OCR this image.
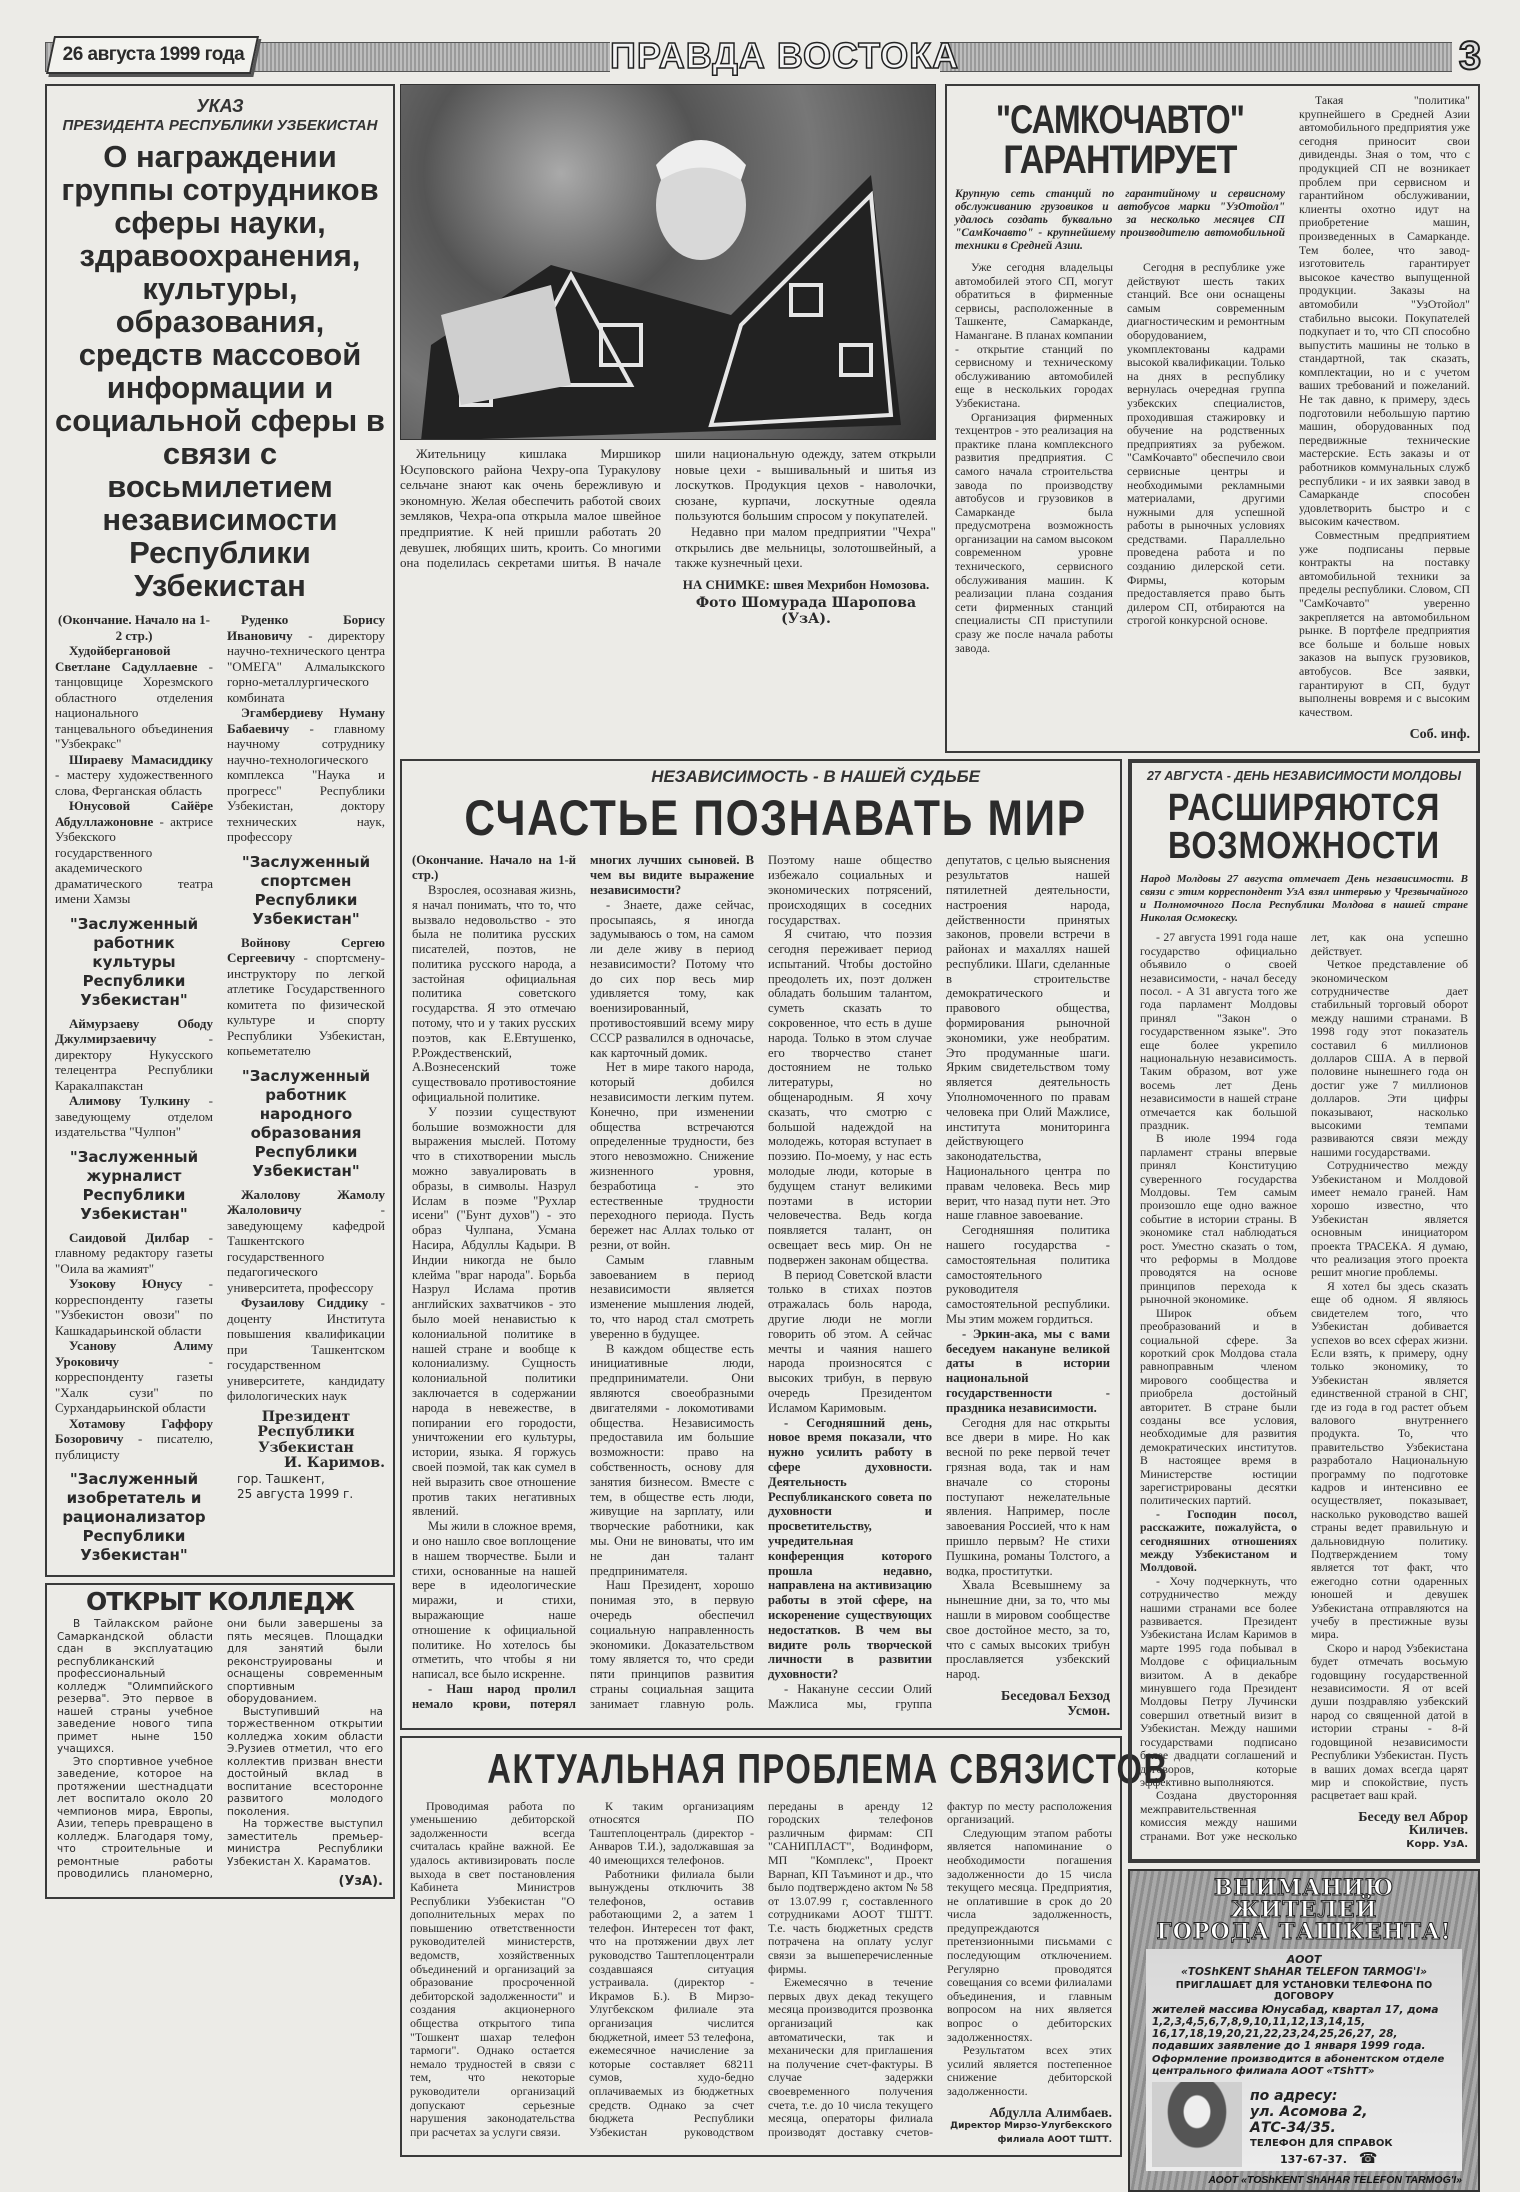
26 августа 1999 года	ПРАВДА ВОСТОКА	3
УКАЗ
ПРЕЗИДЕНТА РЕСПУБЛИКИ УЗБЕКИСТАН
О награждении группы сотрудников сферы науки, здравоохранения, культуры, образования, средств массовой информации и социальной сферы в связи с восьмилетием независимости Республики Узбекистан
(Окончание. Начало на 1-2 стр.)
Худойбергановой Светлане Садуллаевне - танцовщице Хорезмского областного отделения национального танцевального объединения "Узбекракс"
Шираеву Мамасиддику - мастеру художественного слова, Ферганская область
Юнусовой Сайёре Абдуллажоновне - актрисе Узбекского государственного академического драматического театра имени Хамзы
"Заслуженный работник культуры Республики Узбекистан"
Аймурзаеву Ободу Джулмирзаевичу - директору Нукусского телецентра Республики Каракалпакстан
Алимову Тулкину - заведующему отделом издательства "Чулпон"
"Заслуженный журналист Республики Узбекистан"
Саидовой Дилбар - главному редактору газеты "Оила ва жамият"
Узокову Юнусу - корреспонденту газеты "Узбекистон овози" по Кашкадарьинской области
Усанову Алиму Уроковичу - корреспонденту газеты "Халк сузи" по Сурхандарьинской области
Хотамову Гаффору Бозоровичу - писателю, публицисту
"Заслуженный изобретатель и рационализатор Республики Узбекистан"
Руденко Борису Ивановичу - директору научно-технического центра "ОМЕГА" Алмалыкского горно-металлургического комбината
Эгамбердиеву Нуману Бабаевичу - главному научному сотруднику научно-технологического комплекса "Наука и прогресс" Республики Узбекистан, доктору технических наук, профессору
"Заслуженный спортсмен Республики Узбекистан"
Войнову Сергею Сергеевичу - спортсмену-инструктору по легкой атлетике Государственного комитета по физической культуре и спорту Республики Узбекистан, копьеметателю
"Заслуженный работник народного образования Республики Узбекистан"
Жалолову Жамолу Жалоловичу - заведующему кафедрой Ташкентского государственного педагогического университета, профессору
Фузаилову Сиддику - доценту Института повышения квалификации при Ташкентском государственном университете, кандидату филологических наук
Президент Республики Узбекистан
И. Каримов.
гор. Ташкент,
25 августа 1999 г.
ОТКРЫТ КОЛЛЕДЖ

В Тайлакском районе Самаркандской области сдан в эксплуатацию республиканский профессиональный колледж "Олимпийского резерва". Это первое в нашей страны учебное заведение нового типа примет ныне 150 учащихся.

Это спортивное учебное заведение, которое на протяжении шестнадцати лет воспитало около 20 чемпионов мира, Европы, Азии, теперь превращено в колледж. Благодаря тому, что строительные и ремонтные работы проводились планомерно, они были завершены за пять месяцев. Площадки для занятий были реконструированы и оснащены современным спортивным оборудованием.

Выступивший на торжественном открытии колледжа хоким области Э.Рузиев отметил, что его коллектив призван внести достойный вклад в воспитание всесторонне развитого молодого поколения.

На торжестве выступил заместитель премьер-министра Республики Узбекистан Х. Караматов.

(УзА).

Жительницу кишлака Миршикор Юсуповского района Чехру-опа Туракулову сельчане знают как очень бережливую и экономную. Желая обеспечить работой своих земляков, Чехра-опа открыла малое швейное предприятие. К ней пришли работать 20 девушек, любящих шить, кроить. Со многими она поделилась секретами шитья. В начале шили национальную одежду, затем открыли новые цехи - вышивальный и шитья из лоскутков. Продукция цехов - наволочки, сюзане, курпачи, лоскутные одеяла пользуются большим спросом у покупателей.

Недавно при малом предприятии "Чехра" открылись две мельницы, золотошвейный, а также кузнечный цехи.

НА СНИМКЕ: швея Мехрибон Номозова.
Фото Шомурада Шаропова (УзА).
"САМКОЧАВТО"
ГАРАНТИРУЕТ
Крупную сеть станций по гарантийному и сервисному обслуживанию грузовиков и автобусов марки "УзОтойол" удалось создать буквально за несколько месяцев СП "СамКочавто" - крупнейшему производителю автомобильной техники в Средней Азии.

Уже сегодня владельцы автомобилей этого СП, могут обратиться в фирменные сервисы, расположенные в Ташкенте, Самарканде, Намангане. В планах компании - открытие станций по сервисному и техническому обслуживанию автомобилей еще в нескольких городах Узбекистана.

Организация фирменных техцентров - это реализация на практике плана комплексного развития предприятия. С самого начала строительства завода по производству автобусов и грузовиков в Самарканде была предусмотрена возможность организации на самом высоком современном уровне технического, сервисного обслуживания машин. К реализации плана создания сети фирменных станций специалисты СП приступили сразу же после начала работы завода.

Сегодня в республике уже действуют шесть таких станций. Все они оснащены самым современным диагностическим и ремонтным оборудованием, укомплектованы кадрами высокой квалификации. Только на днях в республику вернулась очередная группа узбекских специалистов, проходившая стажировку и обучение на родственных предприятиях за рубежом. "СамКочавто" обеспечило свои сервисные центры и необходимыми рекламными материалами, другими нужными для успешной работы в рыночных условиях средствами. Параллельно проведена работа и по созданию дилерской сети. Фирмы, которым предоставляется право быть дилером СП, отбираются на строгой конкурсной основе.

Такая "политика" крупнейшего в Средней Азии автомобильного предприятия уже сегодня приносит свои дивиденды. Зная о том, что с продукцией СП не возникает проблем при сервисном и гарантийном обслуживании, клиенты охотно идут на приобретение машин, произведенных в Самарканде. Тем более, что завод-изготовитель гарантирует высокое качество выпущенной продукции. Заказы на автомобили "УзОтойол" стабильно высоки. Покупателей подкупает и то, что СП способно выпустить машины не только в стандартной, так сказать, комплектации, но и с учетом ваших требований и пожеланий. Не так давно, к примеру, здесь подготовили небольшую партию машин, оборудованных под передвижные технические мастерские. Есть заказы и от работников коммунальных служб республики - и их заявки завод в Самарканде способен удовлетворить быстро и с высоким качеством.

Совместным предприятием уже подписаны первые контракты на поставку автомобильной техники за пределы республики. Словом, СП "СамКочавто" уверенно закрепляется на автомобильном рынке. В портфеле предприятия все больше и больше новых заказов на выпуск грузовиков, автобусов. Все заявки, гарантируют в СП, будут выполнены вовремя и с высоким качеством.

Соб. инф.
НЕЗАВИСИМОСТЬ - В НАШЕЙ СУДЬБЕ
СЧАСТЬЕ ПОЗНАВАТЬ МИР
(Окончание. Начало на 1-й стр.)

Взрослея, осознавая жизнь, я начал понимать, что то, что вызвало недовольство - это была не политика русских писателей, поэтов, не политика русского народа, а застойная официальная политика советского государства. Я это отмечаю потому, что и у таких русских поэтов, как Е.Евтушенко, Р.Рождественский, А.Вознесенский тоже существовало противостояние официальной политике.

У поэзии существуют большие возможности для выражения мыслей. Потому что в стихотворении мысль можно завуалировать в образы, в символы. Назрул Ислам в поэме "Рухлар исени" ("Бунт духов") - это образ Чулпана, Усмана Насира, Абдуллы Кадыри. В Индии никогда не было клейма "враг народа". Борьба Назрул Ислама против английских захватчиков - это было моей ненавистью к колониальной политике в нашей стране и вообще к колониализму. Сущность колониальной политики заключается в содержании народа в невежестве, в попирании его городости, уничтожении его культуры, истории, языка. Я горжусь своей поэмой, так как сумел в ней выразить свое отношение против таких негативных явлений.

Мы жили в сложное время, и оно нашло свое воплощение в нашем творчестве. Были и стихи, основанные на нашей вере в идеологические миражи, и стихи, выражающие наше отношение к официальной политике. Но хотелось бы отметить, что чтобы я ни написал, все было искренне.

- Наш народ пролил немало крови, потерял многих лучших сыновей. В чем вы видите выражение независимости?

- Знаете, даже сейчас, просыпаясь, я иногда задумываюсь о том, на самом ли деле живу в период независимости? Потому что до сих пор весь мир удивляется тому, как военизированный, противостоявший всему миру СССР развалился в одночасье, как карточный домик.

Нет в мире такого народа, который добился независимости легким путем. Конечно, при изменении общества встречаются определенные трудности, без этого невозможно. Снижение жизненного уровня, безработица - это естественные трудности переходного периода. Пусть бережет нас Аллах только от резни, от войн.

Самым главным завоеванием в период независимости является изменение мышления людей, то, что народ стал смотреть уверенно в будущее.

В каждом обществе есть инициативные люди, предприниматели. Они являются своеобразными двигателями - локомотивами общества. Независимость предоставила им большие возможности: право на собственность, основу для занятия бизнесом. Вместе с тем, в обществе есть люди, живущие на зарплату, или творческие работники, как мы. Они не виноваты, что им не дан талант предпринимателя.

Наш Президент, хорошо понимая это, в первую очередь обеспечил социальную направленность экономики. Доказательством тому является то, что среди пяти принципов развития страны социальная защита занимает главную роль. Поэтому наше общество избежало социальных и экономических потрясений, происходящих в соседних государствах.

Я считаю, что поэзия сегодня переживает период испытаний. Чтобы достойно преодолеть их, поэт должен обладать большим талантом, суметь сказать то сокровенное, что есть в душе народа. Только в этом случае его творчество станет достоянием не только литературы, но общенародным. Я хочу сказать, что смотрю с большой надеждой на молодежь, которая вступает в поэзию. По-моему, у нас есть молодые люди, которые в будущем станут великими поэтами в истории человечества. Ведь когда появляется талант, он освещает весь мир. Он не подвержен законам общества.

В период Советской власти только в стихах поэтов отражалась боль народа, другие люди не могли говорить об этом. А сейчас мечты и чаяния нашего народа произносятся с высоких трибун, в первую очередь Президентом Исламом Каримовым.

- Сегодняшний день, новое время показали, что нужно усилить работу в сфере духовности. Деятельность Республиканского совета по духовности и просветительству, учредительная конференция которого прошла недавно, направлена на активизацию работы в этой сфере, на искоренение существующих недостатков. В чем вы видите роль творческой личности в развитии духовности?

- Накануне сессии Олий Мажлиса мы, группа депутатов, с целью выяснения результатов нашей пятилетней деятельности, настроения народа, действенности принятых законов, провели встречи в районах и махаллях нашей республики. Шаги, сделанные в строительстве демократического и правового общества, формирования рыночной экономики, уже необратим. Это продуманные шаги. Ярким свидетельством тому является деятельность Уполномоченного по правам человека при Олий Мажлисе, института мониторинга действующего законодательства, Национального центра по правам человека. Весь мир верит, что назад пути нет. Это наше главное завоевание.

Сегодняшняя политика нашего государства - самостоятельная политика самостоятельного руководителя самостоятельной республики. Мы этим можем гордиться.

- Эркин-ака, мы с вами беседуем накануне великой даты в истории национальной государственности - праздника независимости.

Сегодня для нас открыты все двери в мире. Но как весной по реке первой течет грязная вода, так и нам вначале со стороны поступают нежелательные явления. Например, после завоевания Россией, что к нам пришло первым? Не стихи Пушкина, романы Толстого, а водка, проститутки.

Хвала Всевышнему за нынешние дни, за то, что мы нашли в мировом сообществе свое достойное место, за то, что с самых высоких трибун прославляется узбекский народ.

Беседовал Бехзод
Усмон.
АКТУАЛЬНАЯ ПРОБЛЕМА СВЯЗИСТОВ

Проводимая работа по уменьшению дебиторской задолженности всегда считалась крайне важной. Ее удалось активизировать после выхода в свет постановления Кабинета Министров Республики Узбекистан "О дополнительных мерах по повышению ответственности руководителей министерств, ведомств, хозяйственных объединений и организаций за образование просроченной дебиторской задолженности" и создания акционерного общества открытого типа "Тошкент шахар телефон тармоги". Однако остается немало трудностей в связи с тем, что некоторые руководители организаций допускают серьезные нарушения законодательства при расчетах за услуги связи.

К таким организациям относятся ПО Таштеплоцентраль (директор - Анваров Т.И.), задолжавшая за 40 имеющихся телефонов.

Работники филиала были вынуждены отключить 38 телефонов, оставив работающими 2, а затем 1 телефон. Интересен тот факт, что на протяжении двух лет руководство Таштеплоцентрали создавшаяся ситуация устраивала. (директор - Икрамов Б.). В Мирзо-Улугбекском филиале эта организация числится бюджетной, имеет 53 телефона, ежемесячное начисление за которые составляет 68211 сумов, худо-бедно оплачиваемых из бюджетных средств. Однако за счет бюджета Республики Узбекистан руководством переданы в аренду 12 городских телефонов различным фирмам: СП "САНИПЛАСТ", Водинформ, МП "Комплекс", Проект Варнап, КП Таъминот и др., что было подтверждено актом № 58 от 13.07.99 г, составленного сотрудниками АООТ ТШТТ. Т.е. часть бюджетных средств потрачена на оплату услуг связи за вышеперечисленные фирмы.

Ежемесячно в течение первых двух декад текущего месяца производится прозвонка организаций как автоматически, так и механически для приглашения на получение счет-фактуры. В случае задержки своевременного получения счета, т.е. до 10 числа текущего месяца, операторы филиала производят доставку счетов-фактур по месту расположения организаций.

Следующим этапом работы является напоминание о необходимости погашения задолженности до 15 числа текущего месяца. Предприятия, не оплатившие в срок до 20 числа задолженность, предупреждаются претензионными письмами с последующим отключением. Регулярно проводятся совещания со всеми филиалами объединения, и главным вопросом на них является вопрос о дебиторских задолженностях.

Результатом всех этих усилий является постепенное снижение дебиторской задолженности.

Абдулла Алимбаев.
Директор Мирзо-Улугбекского филиала АООТ ТШТТ.
27 АВГУСТА - ДЕНЬ НЕЗАВИСИМОСТИ МОЛДОВЫ
РАСШИРЯЮТСЯ
ВОЗМОЖНОСТИ
Народ Молдовы 27 августа отмечает День независимости. В связи с этим корреспондент УзА взял интервью у Чрезвычайного и Полномочного Посла Республики Молдова в нашей стране Николая Осмокеску.

- 27 августа 1991 года наше государство официально объявило о своей независимости, - начал беседу посол. - А 31 августа того же года парламент Молдовы принял "Закон о государственном языке". Это еще более укрепило национальную независимость. Таким образом, вот уже восемь лет День независимости в нашей стране отмечается как большой праздник.

В июле 1994 года парламент страны впервые принял Конституцию суверенного государства Молдовы. Тем самым произошло еще одно важное событие в истории страны. В экономике стал наблюдаться рост. Уместно сказать о том, что реформы в Молдове проводятся на основе принципов перехода к рыночной экономике.

Широк объем преобразований и в социальной сфере. За короткий срок Молдова стала равноправным членом мирового сообщества и приобрела достойный авторитет. В стране были созданы все условия, необходимые для развития демократических институтов. В настоящее время в Министерстве юстиции зарегистрированы десятки политических партий.

- Господин посол, расскажите, пожалуйста, о сегодняшних отношениях между Узбекистаном и Молдовой.

- Хочу подчеркнуть, что сотрудничество между нашими странами все более развивается. Президент Узбекистана Ислам Каримов в марте 1995 года побывал в Молдове с официальным визитом. А в декабре минувшего года Президент Молдовы Петру Лучински совершил ответный визит в Узбекистан. Между нашими государствами подписано более двадцати соглашений и договоров, которые эффективно выполняются.

Создана двусторонняя межправительственная комиссия между нашими странами. Вот уже несколько лет, как она успешно действует.

Четкое представление об экономическом сотрудничестве дает стабильный торговый оборот между нашими странами. В 1998 году этот показатель составил 6 миллионов долларов США. А в первой половине нынешнего года он достиг уже 7 миллионов долларов. Эти цифры показывают, насколько высокими темпами развиваются связи между нашими государствами.

Сотрудничество между Узбекистаном и Молдовой имеет немало граней. Нам хорошо известно, что Узбекистан является основным инициатором проекта ТРАСЕКА. Я думаю, что реализация этого проекта решит многие проблемы.

Я хотел бы здесь сказать еще об одном. Я являюсь свидетелем того, что Узбекистан добивается успехов во всех сферах жизни. Если взять, к примеру, одну только экономику, то Узбекистан является единственной страной в СНГ, где из года в год растет объем валового внутреннего продукта. То, что правительство Узбекистана разработало Национальную программу по подготовке кадров и интенсивно ее осуществляет, показывает, насколько руководство вашей страны ведет правильную и дальновидную политику. Подтверждением тому является тот факт, что ежегодно сотни одаренных юношей и девушек Узбекистана отправляются на учебу в престижные вузы мира.

Скоро и народ Узбекистана будет отмечать восьмую годовщину государственной независимости. Я от всей души поздравляю узбекский народ со священной датой в истории страны - 8-й годовщиной независимости Республики Узбекистан. Пусть в ваших домах всегда царят мир и спокойствие, пусть расцветает ваш край.

Беседу вел Аброр
Киличев.
Корр. УзА.
ВНИМАНИЮ ЖИТЕЛЕЙ
ГОРОДА ТАШКЕНТА!
АООТ
«TOShKENT ShAHAR TELEFON TARMOG'I»
ПРИГЛАШАЕТ ДЛЯ УСТАНОВКИ ТЕЛЕФОНА ПО ДОГОВОРУ
жителей массива Юнусабад, квартал 17, дома 1,2,3,4,5,6,7,8,9,10,11,12,13,14,15, 16,17,18,19,20,21,22,23,24,25,26,27, 28, подавших заявление до 1 января 1999 года.
Оформление производится в абонентском отделе центрального филиала АООТ «TShTT»
по адресу:
ул. Асомова 2, АТС-34/35.
ТЕЛЕФОН ДЛЯ СПРАВОК
137-67-37. ☎
АООТ «TOShKENT ShAHAR TELEFON TARMOG'I»
